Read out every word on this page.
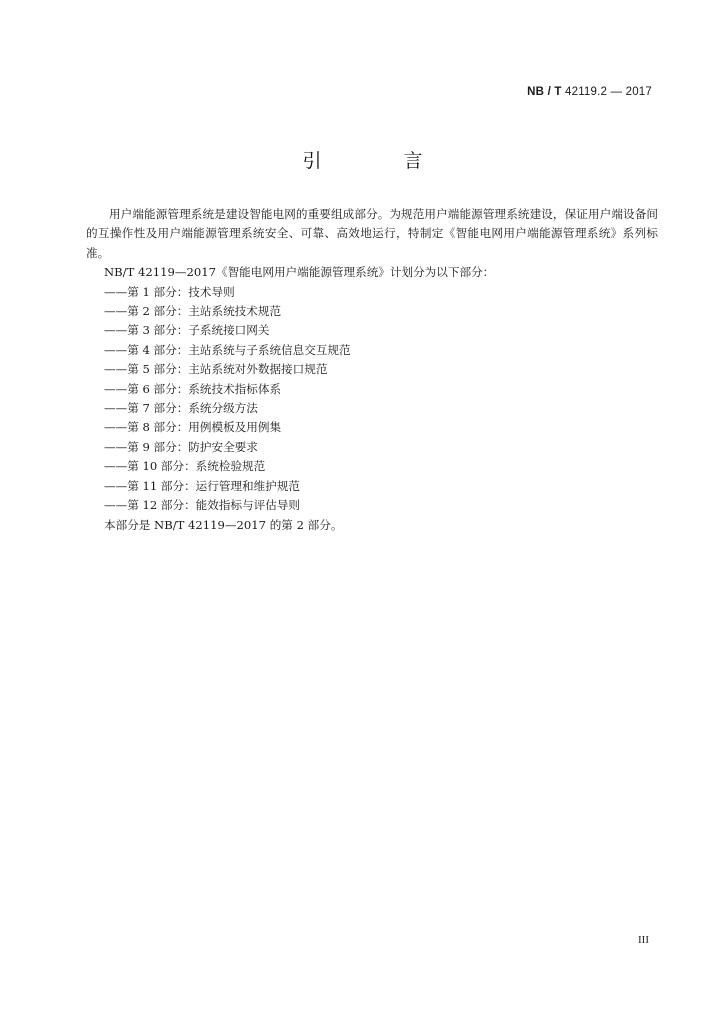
NB / T 42119.2 — 2017
引 言

用户端能源管理系统是建设智能电网的重要组成部分。为规范用户端能源管理系统建设，保证用户端设备间的互操作性及用户端能源管理系统安全、可靠、高效地运行，特制定《智能电网用户端能源管理系统》系列标准。

NB/T 42119—2017《智能电网用户端能源管理系统》计划分为以下部分：

——第 1 部分：技术导则
——第 2 部分：主站系统技术规范
——第 3 部分：子系统接口网关
——第 4 部分：主站系统与子系统信息交互规范
——第 5 部分：主站系统对外数据接口规范
——第 6 部分：系统技术指标体系
——第 7 部分：系统分级方法
——第 8 部分：用例模板及用例集
——第 9 部分：防护安全要求
——第 10 部分：系统检验规范
——第 11 部分：运行管理和维护规范
——第 12 部分：能效指标与评估导则

本部分是 NB/T 42119—2017 的第 2 部分。

III
